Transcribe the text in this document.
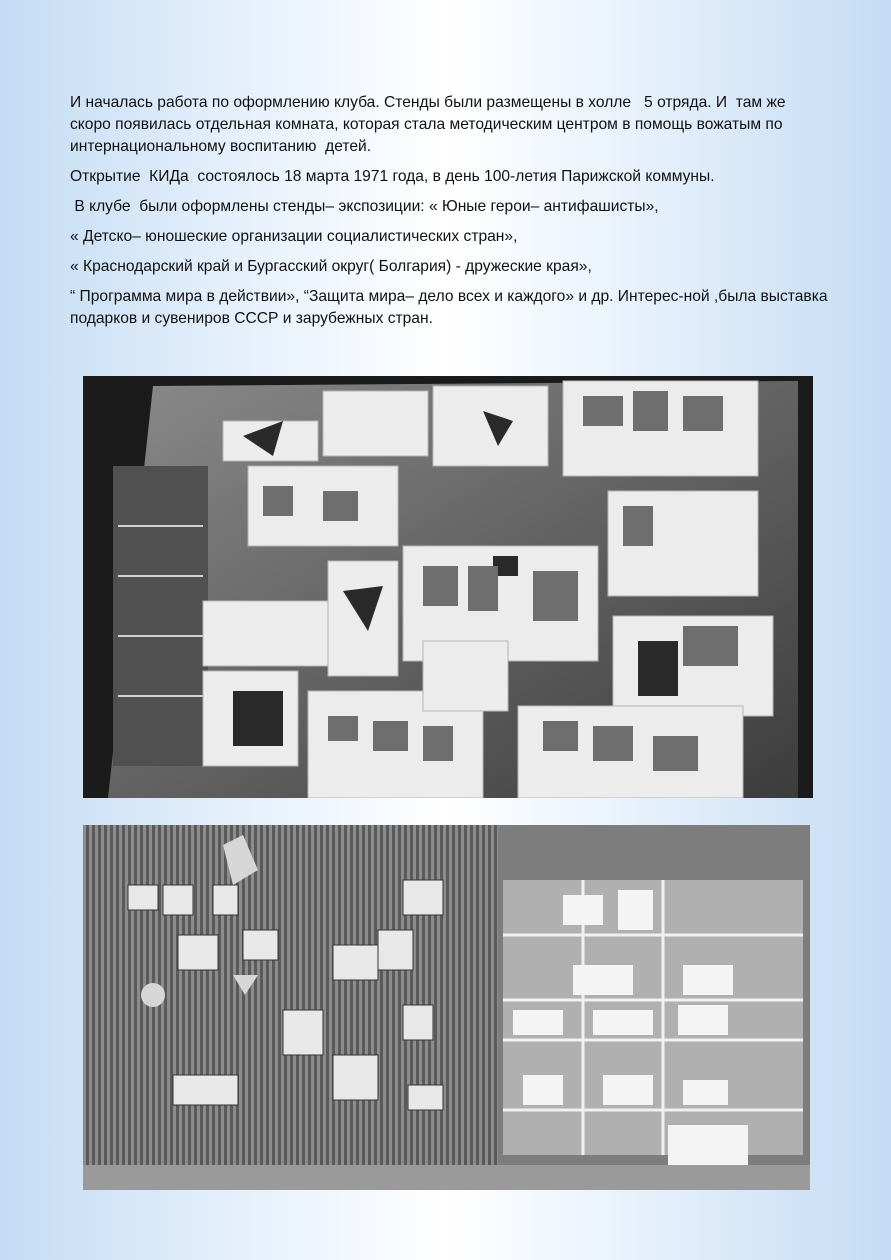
И началась работа по оформлению клуба. Стенды были размещены в холле   5 отряда. И  там же  скоро появилась отдельная комната, которая стала методическим центром в помощь вожатым по интернациональному воспитанию  детей.

Открытие  КИДа  состоялось 18 марта 1971 года, в день 100-летия Парижской коммуны.

В клубе  были оформлены стенды– экспозиции: « Юные герои– антифашисты»,

« Детско– юношеские организации социалистических стран»,

« Краснодарский край и Бургасский округ( Болгария) - дружеские края»,

“ Программа мира в действии», “Защита мира– дело всех и каждого» и др. Интерес-ной ,была выставка подарков и сувениров СССР и зарубежных стран.
